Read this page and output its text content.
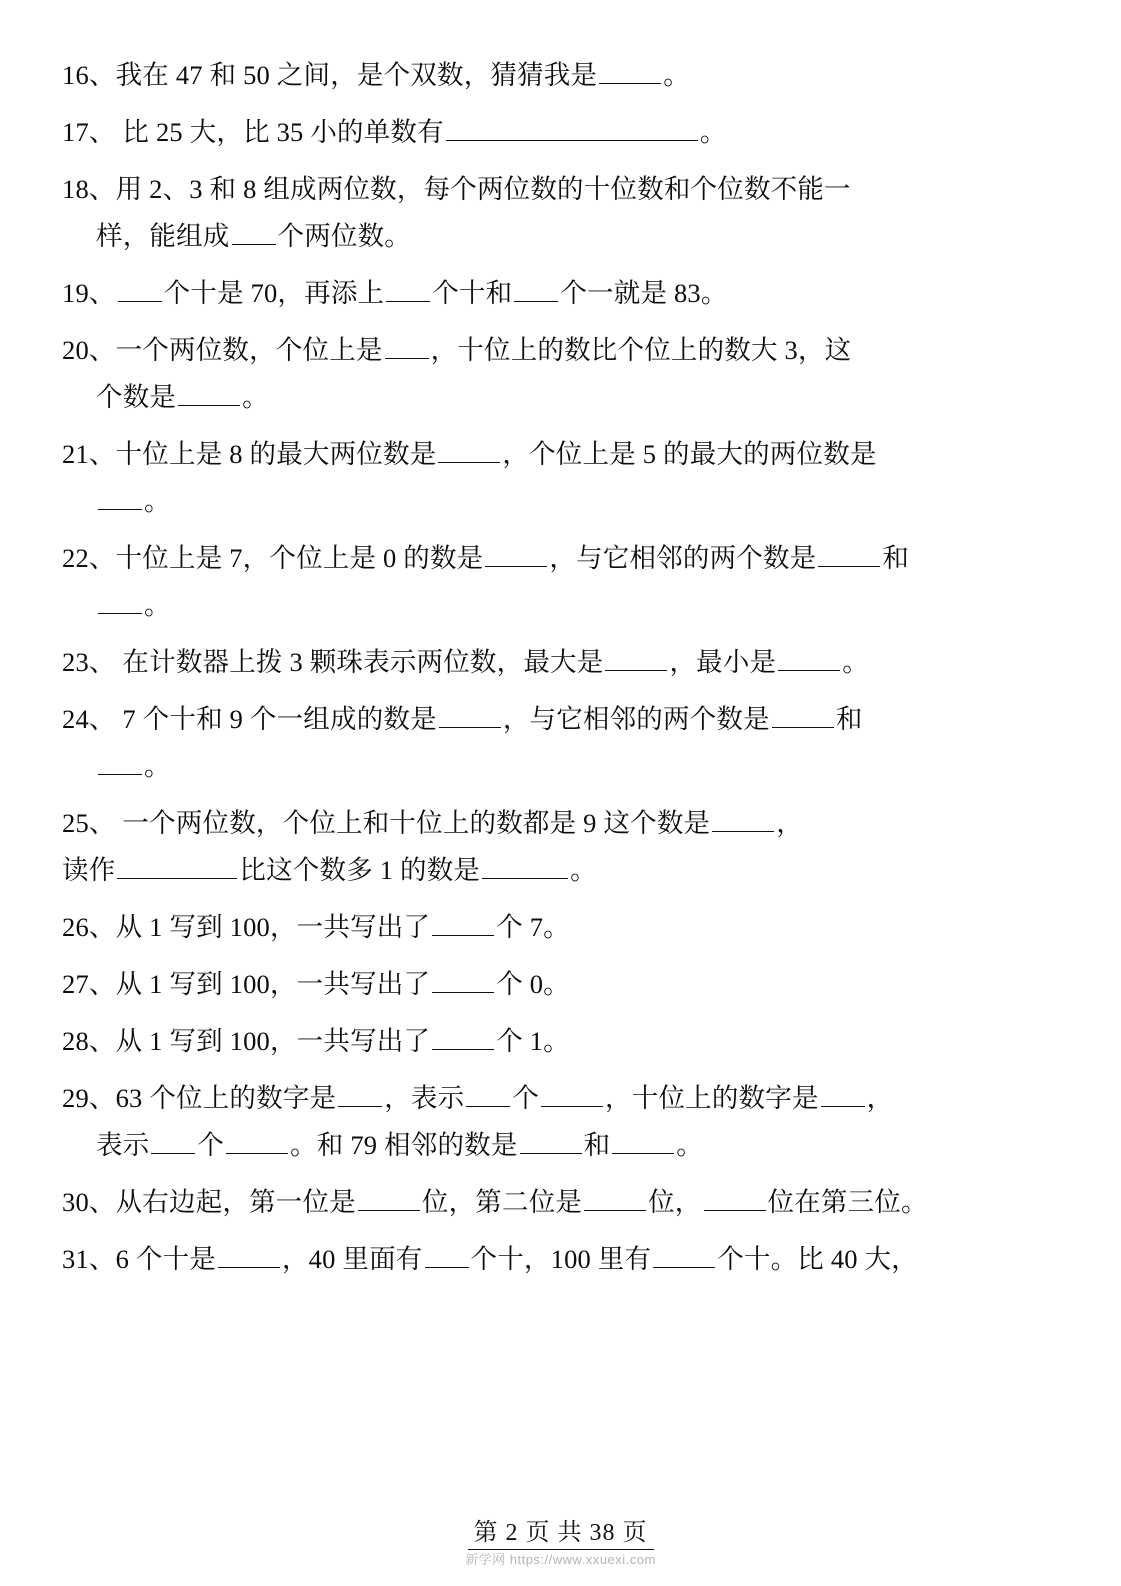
16、我在 47 和 50 之间，是个双数，猜猜我是 。

17、 比 25 大，比 35 小的单数有	。

18、用 2、3 和 8 组成两位数，每个两位数的十位数和个位数不能一
样，能组成 个两位数。

19、 个十是 70，再添上 个十和 个一就是 83。

20、一个两位数，个位上是 ，十位上的数比个位上的数大 3，这
个数是 。

21、十位上是 8 的最大两位数是 ，个位上是 5 的最大的两位数是
。

22、十位上是 7，个位上是 0 的数是 ，与它相邻的两个数是 和
。

23、 在计数器上拨 3 颗珠表示两位数，最大是 ，最小是 。

24、 7 个十和 9 个一组成的数是 ，与它相邻的两个数是 和
。

25、 一个两位数，个位上和十位上的数都是 9 这个数是 ，
读作	比这个数多 1 的数是	。

26、从 1 写到 100，一共写出了 个 7。

27、从 1 写到 100，一共写出了 个 0。

28、从 1 写到 100，一共写出了 个 1。

29、63 个位上的数字是 ，表示 个 ，十位上的数字是 ，
表示 个 。和 79 相邻的数是 和 。

30、从右边起，第一位是 位，第二位是 位， 位在第三位。

31、6 个十是 ，40 里面有 个十，100 里有 个十。比 40 大，

第 2 页 共 38 页
新学网 https://www.xxuexi.com
